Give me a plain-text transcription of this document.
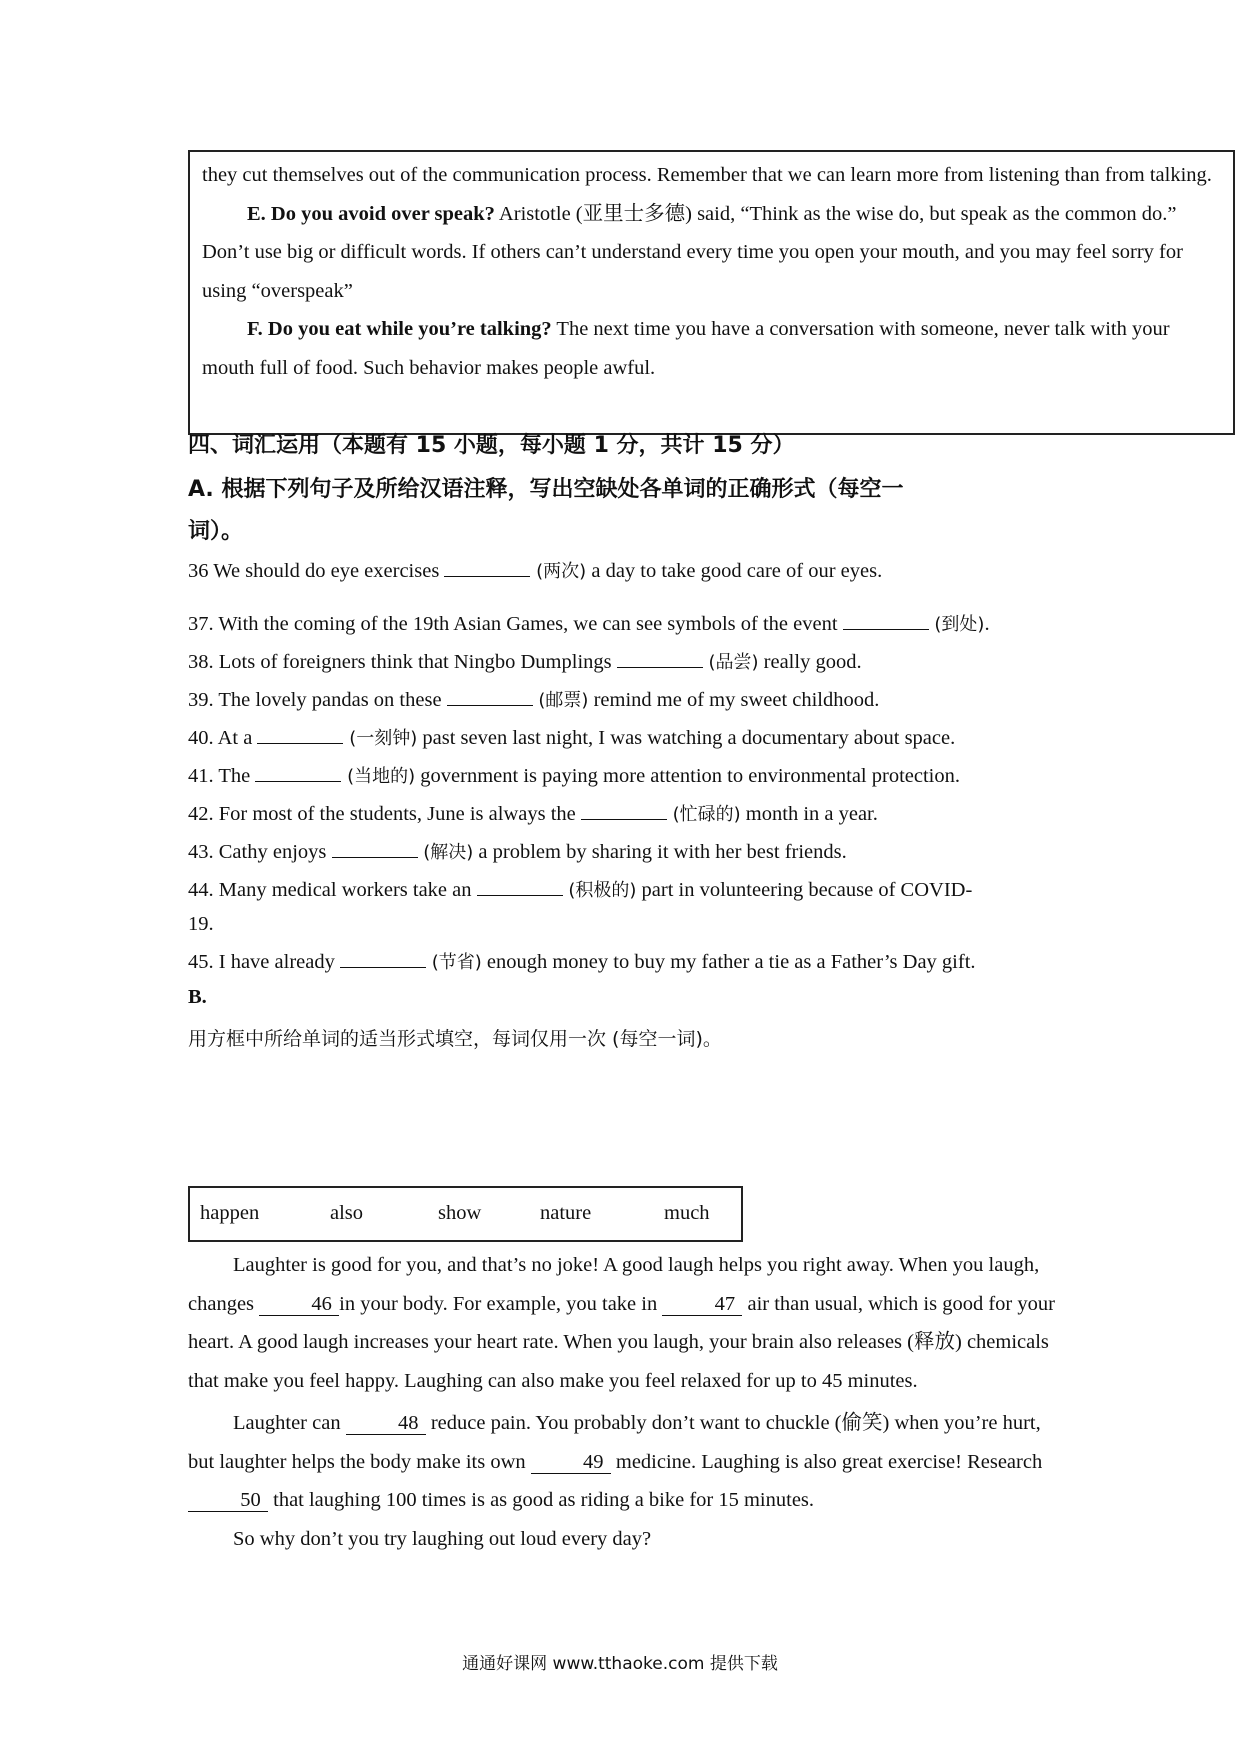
they cut themselves out of the communication process. Remember that we can learn more from listening than from talking.

E. Do you avoid over speak? Aristotle (亚里士多德) said, “Think as the wise do, but speak as the common do.” Don’t use big or difficult words. If others can’t understand every time you open your mouth, and you may feel sorry for using “overspeak”

F. Do you eat while you’re talking? The next time you have a conversation with someone, never talk with your mouth full of food. Such behavior makes people awful.

四、词汇运用（本题有 15 小题，每小题 1 分，共计 15 分）
A. 根据下列句子及所给汉语注释，写出空缺处各单词的正确形式（每空一
词）。
36 We should do eye exercises	(两次) a day to take good care of our eyes.
37. With the coming of the 19th Asian Games, we can see symbols of the event	(到处).
38. Lots of foreigners think that Ningbo Dumplings	(品尝) really good.
39. The lovely pandas on these	(邮票) remind me of my sweet childhood.
40. At a	(一刻钟) past seven last night, I was watching a documentary about space.
41. The	(当地的) government is paying more attention to environmental protection.
42. For most of the students, June is always the	(忙碌的) month in a year.
43. Cathy enjoys	(解决) a problem by sharing it with her best friends.
44. Many medical workers take an	(积极的) part in volunteering because of COVID-
19.
45. I have already	(节省) enough money to buy my father a tie as a Father’s Day gift.
B.
用方框中所给单词的适当形式填空，每词仅用一次 (每空一词)。
happen	also	show	nature	much

Laughter is good for you, and that’s no joke! A good laugh helps you right away. When you laugh, changes	46 in your body. For example, you take in	47 air than usual, which is good for your heart. A good laugh increases your heart rate. When you laugh, your brain also releases (释放) chemicals that make you feel happy. Laughing can also make you feel relaxed for up to 45 minutes.

Laughter can	48 reduce pain. You probably don’t want to chuckle (偷笑) when you’re hurt, but laughter helps the body make its own	49 medicine. Laughing is also great exercise! Research 50 that laughing 100 times is as good as riding a bike for 15 minutes.

So why don’t you try laughing out loud every day?

通通好课网 www.tthaoke.com 提供下载
